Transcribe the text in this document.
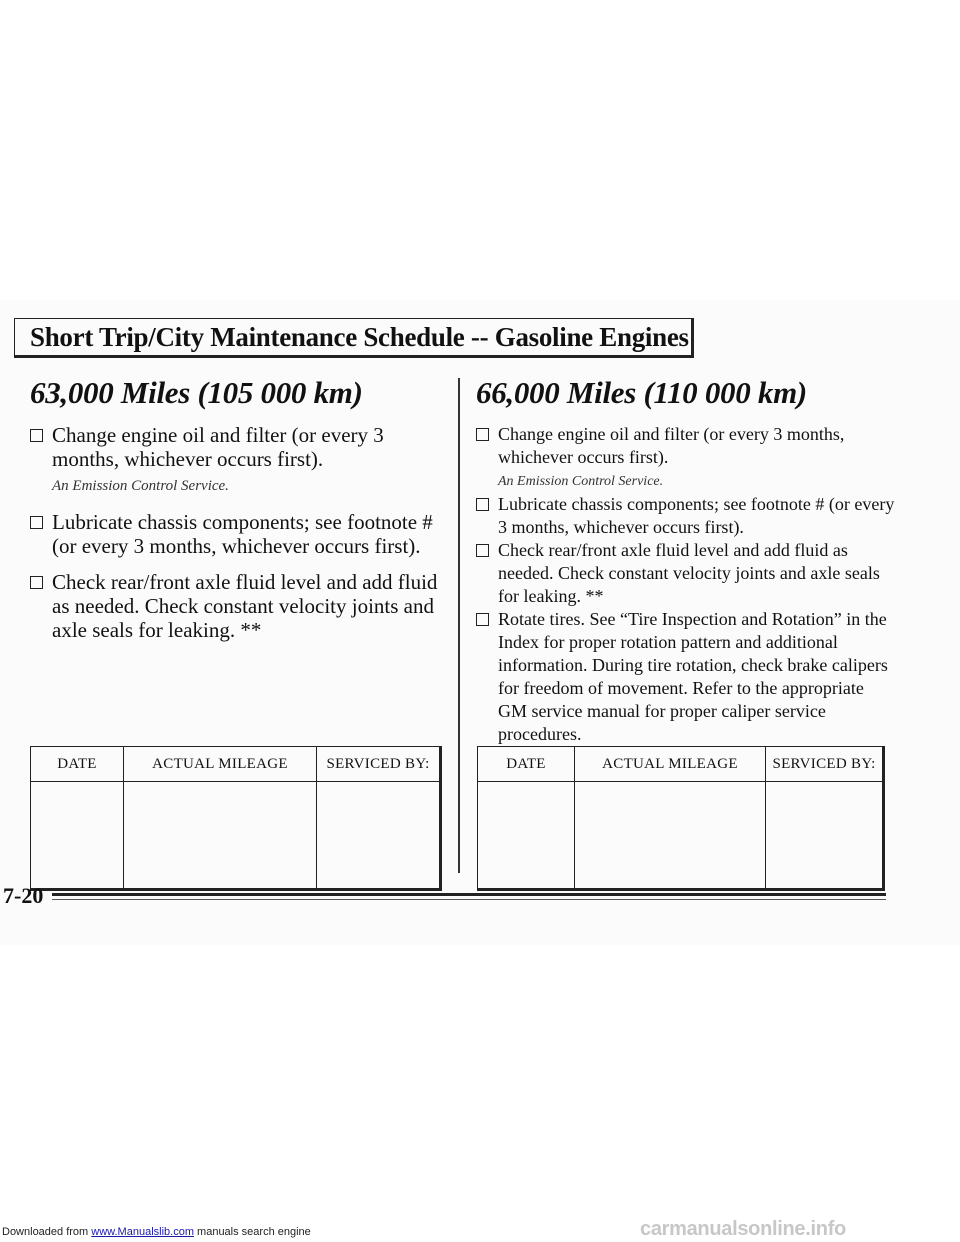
Short Trip/City Maintenance Schedule -- Gasoline Engines
63,000 Miles (105 000 km)
Change engine oil and filter (or every 3 months, whichever occurs first).
An Emission Control Service.
Lubricate chassis components; see footnote # (or every 3 months, whichever occurs first).
Check rear/front axle fluid level and add fluid as needed. Check constant velocity joints and axle seals for leaking. **
66,000 Miles (110 000 km)
Change engine oil and filter (or every 3 months, whichever occurs first).
An Emission Control Service.
Lubricate chassis components; see footnote # (or every 3 months, whichever occurs first).
Check rear/front axle fluid level and add fluid as needed. Check constant velocity joints and axle seals for leaking. **
Rotate tires. See “Tire Inspection and Rotation” in the Index for proper rotation pattern and additional information. During tire rotation, check brake calipers for freedom of movement. Refer to the appropriate GM service manual for proper caliper service procedures.
DATE	ACTUAL MILEAGE	SERVICED BY:
			DATE	ACTUAL MILEAGE	SERVICED BY:

7-20
Downloaded from www.Manualslib.com manuals search engine	carmanualsonline.info
